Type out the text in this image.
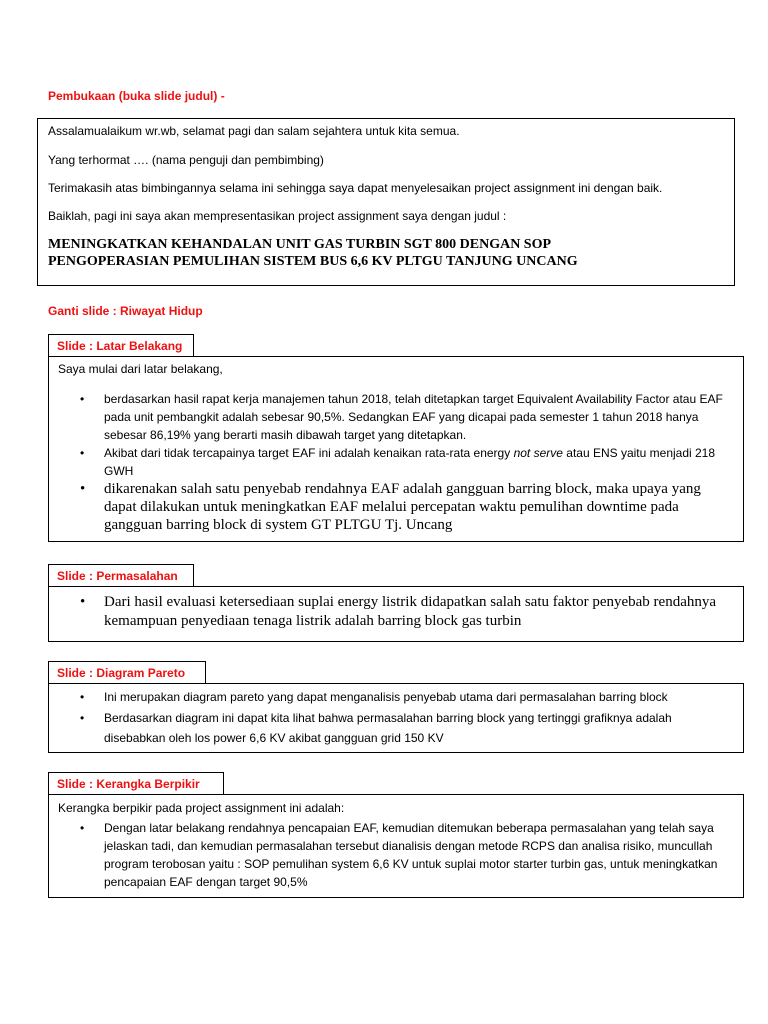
Pembukaan (buka slide judul) -
Assalamualaikum wr.wb, selamat pagi dan salam sejahtera untuk kita semua.
Yang terhormat …. (nama penguji dan pembimbing)
Terimakasih atas bimbingannya selama ini sehingga saya dapat menyelesaikan project assignment ini dengan baik.
Baiklah, pagi ini saya akan mempresentasikan project assignment saya dengan judul :
MENINGKATKAN KEHANDALAN UNIT GAS TURBIN SGT 800 DENGAN SOP
PENGOPERASIAN PEMULIHAN SISTEM BUS 6,6 KV PLTGU TANJUNG UNCANG
Ganti slide : Riwayat Hidup
Slide : Latar Belakang
Saya mulai dari latar belakang,
• berdasarkan hasil rapat kerja manajemen tahun 2018, telah ditetapkan target Equivalent Availability Factor atau EAF pada unit pembangkit adalah sebesar 90,5%. Sedangkan EAF yang dicapai pada semester 1 tahun 2018 hanya sebesar 86,19% yang berarti masih dibawah target yang ditetapkan.
• Akibat dari tidak tercapainya target EAF ini adalah kenaikan rata-rata energy not serve atau ENS yaitu menjadi 218 GWH
• dikarenakan salah satu penyebab rendahnya EAF adalah gangguan barring block, maka upaya yang dapat dilakukan untuk meningkatkan EAF melalui percepatan waktu pemulihan downtime pada gangguan barring block di system GT PLTGU Tj. Uncang
Slide : Permasalahan
• Dari hasil evaluasi ketersediaan suplai energy listrik didapatkan salah satu faktor penyebab rendahnya kemampuan penyediaan tenaga listrik adalah barring block gas turbin
Slide : Diagram Pareto
• Ini merupakan diagram pareto yang dapat menganalisis penyebab utama dari permasalahan barring block
• Berdasarkan diagram ini dapat kita lihat bahwa permasalahan barring block yang tertinggi grafiknya adalah disebabkan oleh los power 6,6 KV akibat gangguan grid 150 KV
Slide : Kerangka Berpikir
Kerangka berpikir pada project assignment ini adalah:
• Dengan latar belakang rendahnya pencapaian EAF, kemudian ditemukan beberapa permasalahan yang telah saya jelaskan tadi, dan kemudian permasalahan tersebut dianalisis dengan metode RCPS dan analisa risiko, muncullah program terobosan yaitu : SOP pemulihan system 6,6 KV untuk suplai motor starter turbin gas, untuk meningkatkan pencapaian EAF dengan target 90,5%
